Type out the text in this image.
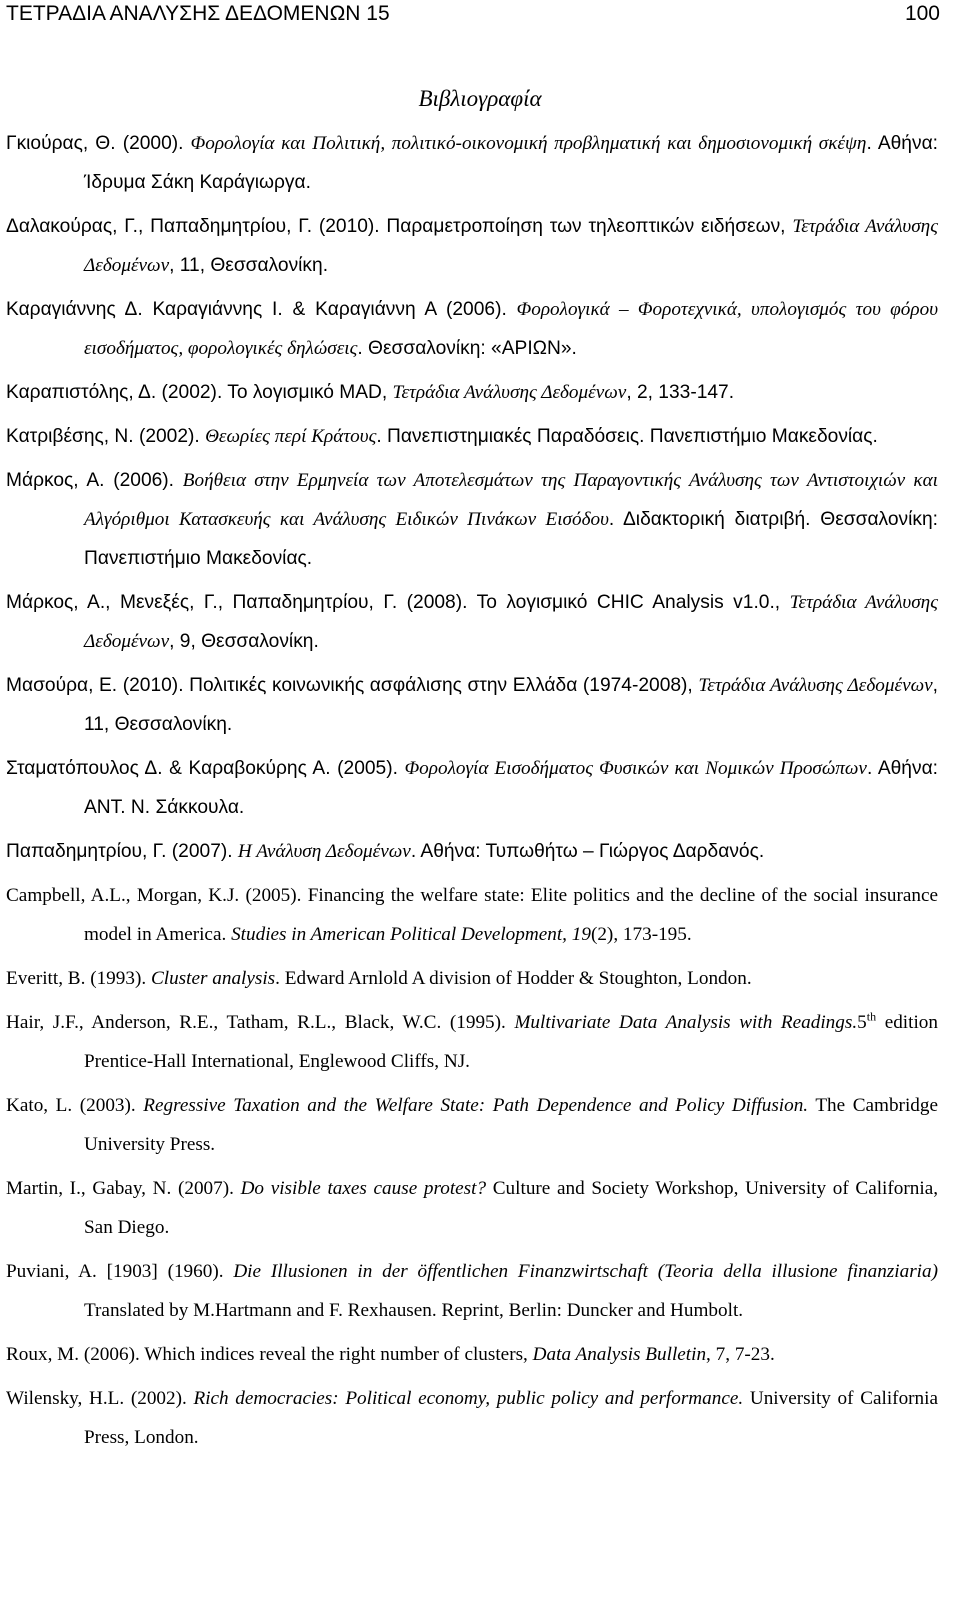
ΤΕΤΡΑΔΙΑ ΑΝΑΛΥΣΗΣ ΔΕΔΟΜΕΝΩΝ 15	100
Βιβλιογραφία

Γκιούρας, Θ. (2000). Φορολογία και Πολιτική, πολιτικό-οικονομική προβληματική και δημοσιονομική σκέψη. Αθήνα: Ίδρυμα Σάκη Καράγιωργα.

Δαλακούρας, Γ., Παπαδημητρίου, Γ. (2010). Παραμετροποίηση των τηλεοπτικών ειδήσεων, Τετράδια Ανάλυσης Δεδομένων, 11, Θεσσαλονίκη.

Καραγιάννης Δ. Καραγιάννης Ι. & Καραγιάννη Α (2006). Φορολογικά – Φοροτεχνικά, υπολογισμός του φόρου εισοδήματος, φορολογικές δηλώσεις. Θεσσαλονίκη: «ΑΡΙΩΝ».

Καραπιστόλης, Δ. (2002). Το λογισμικό MAD, Τετράδια Ανάλυσης Δεδομένων, 2, 133-147.

Κατριβέσης, Ν. (2002). Θεωρίες περί Κράτους. Πανεπιστημιακές Παραδόσεις. Πανεπιστήμιο Μακεδονίας.

Μάρκος, Α. (2006). Βοήθεια στην Ερμηνεία των Αποτελεσμάτων της Παραγοντικής Ανάλυσης των Αντιστοιχιών και Αλγόριθμοι Κατασκευής και Ανάλυσης Ειδικών Πινάκων Εισόδου. Διδακτορική διατριβή. Θεσσαλονίκη: Πανεπιστήμιο Μακεδονίας.

Μάρκος, Α., Μενεξές, Γ., Παπαδημητρίου, Γ. (2008). Το λογισμικό CHIC Analysis v1.0., Τετράδια Ανάλυσης Δεδομένων, 9, Θεσσαλονίκη.

Μασούρα, Ε. (2010). Πολιτικές κοινωνικής ασφάλισης στην Ελλάδα (1974-2008), Τετράδια Ανάλυσης Δεδομένων, 11, Θεσσαλονίκη.

Σταματόπουλος Δ. & Καραβοκύρης Α. (2005). Φορολογία Εισοδήματος Φυσικών και Νομικών Προσώπων. Αθήνα: ΑΝΤ. Ν. Σάκκουλα.

Παπαδημητρίου, Γ. (2007). Η Ανάλυση Δεδομένων. Αθήνα: Τυπωθήτω – Γιώργος Δαρδανός.

Campbell, A.L., Morgan, K.J. (2005). Financing the welfare state: Elite politics and the decline of the social insurance model in America. Studies in American Political Development, 19(2), 173-195.

Everitt, B. (1993). Cluster analysis. Edward Arnlold A division of Hodder & Stoughton, London.

Hair, J.F., Anderson, R.E., Tatham, R.L., Black, W.C. (1995). Multivariate Data Analysis with Readings.5th edition Prentice-Hall International, Englewood Cliffs, NJ.

Kato, L. (2003). Regressive Taxation and the Welfare State: Path Dependence and Policy Diffusion. The Cambridge University Press.

Martin, I., Gabay, N. (2007). Do visible taxes cause protest? Culture and Society Workshop, University of California, San Diego.

Puviani, A. [1903] (1960). Die Illusionen in der öffentlichen Finanzwirtschaft (Teoria della illusione finanziaria) Translated by M.Hartmann and F. Rexhausen. Reprint, Berlin: Duncker and Humbolt.

Roux, M. (2006). Which indices reveal the right number of clusters, Data Analysis Bulletin, 7, 7-23.

Wilensky, H.L. (2002). Rich democracies: Political economy, public policy and performance. University of California Press, London.
